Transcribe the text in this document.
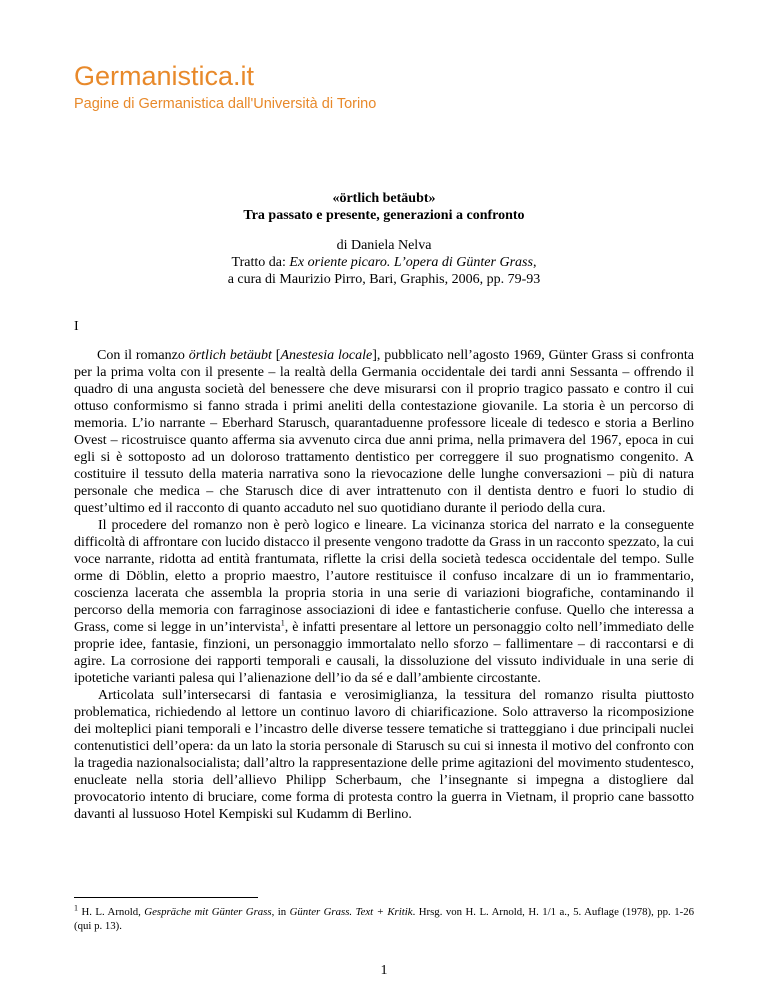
Germanistica.it
Pagine di Germanistica dall'Università di Torino
«örtlich betäubt»
Tra passato e presente, generazioni a confronto
di Daniela Nelva
Tratto da: Ex oriente picaro. L’opera di Günter Grass,
a cura di Maurizio Pirro, Bari, Graphis, 2006, pp. 79-93
I

Con il romanzo örtlich betäubt [Anestesia locale], pubblicato nell’agosto 1969, Günter Grass si confronta per la prima volta con il presente – la realtà della Germania occidentale dei tardi anni Sessanta – offrendo il quadro di una angusta società del benessere che deve misurarsi con il proprio tragico passato e contro il cui ottuso conformismo si fanno strada i primi aneliti della contestazione giovanile. La storia è un percorso di memoria. L’io narrante – Eberhard Starusch, quarantaduenne professore liceale di tedesco e storia a Berlino Ovest – ricostruisce quanto afferma sia avvenuto circa due anni prima, nella primavera del 1967, epoca in cui egli si è sottoposto ad un doloroso trattamento dentistico per correggere il suo prognatismo congenito. A costituire il tessuto della materia narrativa sono la rievocazione delle lunghe conversazioni – più di natura personale che medica – che Starusch dice di aver intrattenuto con il dentista dentro e fuori lo studio di quest’ultimo ed il racconto di quanto accaduto nel suo quotidiano durante il periodo della cura.

Il procedere del romanzo non è però logico e lineare. La vicinanza storica del narrato e la conseguente difficoltà di affrontare con lucido distacco il presente vengono tradotte da Grass in un racconto spezzato, la cui voce narrante, ridotta ad entità frantumata, riflette la crisi della società tedesca occidentale del tempo. Sulle orme di Döblin, eletto a proprio maestro, l’autore restituisce il confuso incalzare di un io frammentario, coscienza lacerata che assembla la propria storia in una serie di variazioni biografiche, contaminando il percorso della memoria con farraginose associazioni di idee e fantasticherie confuse. Quello che interessa a Grass, come si legge in un’intervista$^1$, è infatti presentare al lettore un personaggio colto nell’immediato delle proprie idee, fantasie, finzioni, un personaggio immortalato nello sforzo – fallimentare – di raccontarsi e di agire. La corrosione dei rapporti temporali e causali, la dissoluzione del vissuto individuale in una serie di ipotetiche varianti palesa qui l’alienazione dell’io da sé e dall’ambiente circostante.

Articolata sull’intersecarsi di fantasia e verosimiglianza, la tessitura del romanzo risulta piuttosto problematica, richiedendo al lettore un continuo lavoro di chiarificazione. Solo attraverso la ricomposizione dei molteplici piani temporali e l’incastro delle diverse tessere tematiche si tratteggiano i due principali nuclei contenutistici dell’opera: da un lato la storia personale di Starusch su cui si innesta il motivo del confronto con la tragedia nazionalsocialista; dall’altro la rappresentazione delle prime agitazioni del movimento studentesco, enucleate nella storia dell’allievo Philipp Scherbaum, che l’insegnante si impegna a distogliere dal provocatorio intento di bruciare, come forma di protesta contro la guerra in Vietnam, il proprio cane bassotto davanti al lussuoso Hotel Kempiski sul Kudamm di Berlino.

$^1$ H. L. Arnold, Gespräche mit Günter Grass, in Günter Grass. Text + Kritik. Hrsg. von H. L. Arnold, H. 1/1 a., 5. Auflage (1978), pp. 1-26 (qui p. 13).
1
